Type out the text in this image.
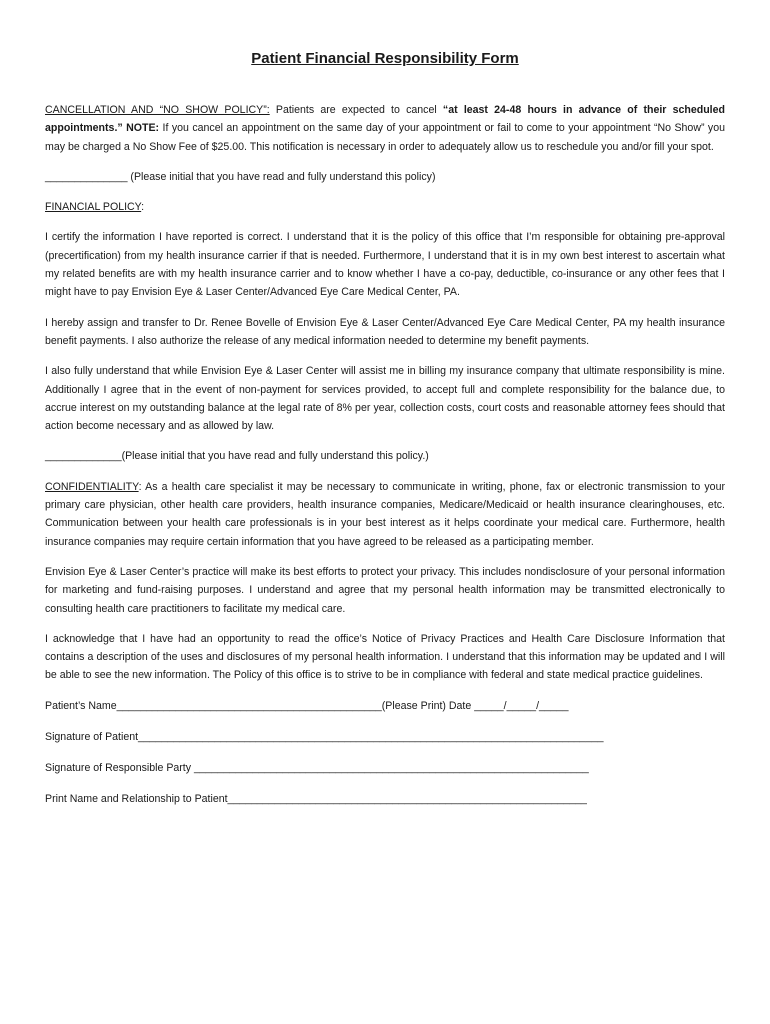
Patient Financial Responsibility Form

CANCELLATION AND “NO SHOW POLICY”: Patients are expected to cancel “at least 24-48 hours in advance of their scheduled appointments.” NOTE: If you cancel an appointment on the same day of your appointment or fail to come to your appointment “No Show” you may be charged a No Show Fee of $25.00. This notification is necessary in order to adequately allow us to reschedule you and/or fill your spot.

______________ (Please initial that you have read and fully understand this policy)

FINANCIAL POLICY:

I certify the information I have reported is correct. I understand that it is the policy of this office that I’m responsible for obtaining pre-approval (precertification) from my health insurance carrier if that is needed. Furthermore, I understand that it is in my own best interest to ascertain what my related benefits are with my health insurance carrier and to know whether I have a co-pay, deductible, co-insurance or any other fees that I might have to pay Envision Eye & Laser Center/Advanced Eye Care Medical Center, PA.

I hereby assign and transfer to Dr. Renee Bovelle of Envision Eye & Laser Center/Advanced Eye Care Medical Center, PA my health insurance benefit payments. I also authorize the release of any medical information needed to determine my benefit payments.

I also fully understand that while Envision Eye & Laser Center will assist me in billing my insurance company that ultimate responsibility is mine. Additionally I agree that in the event of non-payment for services provided, to accept full and complete responsibility for the balance due, to accrue interest on my outstanding balance at the legal rate of 8% per year, collection costs, court costs and reasonable attorney fees should that action become necessary and as allowed by law.

_____________(Please initial that you have read and fully understand this policy.)

CONFIDENTIALITY: As a health care specialist it may be necessary to communicate in writing, phone, fax or electronic transmission to your primary care physician, other health care providers, health insurance companies, Medicare/Medicaid or health insurance clearinghouses, etc. Communication between your health care professionals is in your best interest as it helps coordinate your medical care. Furthermore, health insurance companies may require certain information that you have agreed to be released as a participating member.

Envision Eye & Laser Center’s practice will make its best efforts to protect your privacy. This includes nondisclosure of your personal information for marketing and fund-raising purposes. I understand and agree that my personal health information may be transmitted electronically to consulting health care practitioners to facilitate my medical care.

I acknowledge that I have had an opportunity to read the office’s Notice of Privacy Practices and Health Care Disclosure Information that contains a description of the uses and disclosures of my personal health information. I understand that this information may be updated and I will be able to see the new information. The Policy of this office is to strive to be in compliance with federal and state medical practice guidelines.

Patient’s Name_____________________________________________(Please Print) Date _____/_____/_____
Signature of Patient_______________________________________________________________________________
Signature of Responsible Party ___________________________________________________________________
Print Name and Relationship to Patient_____________________________________________________________
